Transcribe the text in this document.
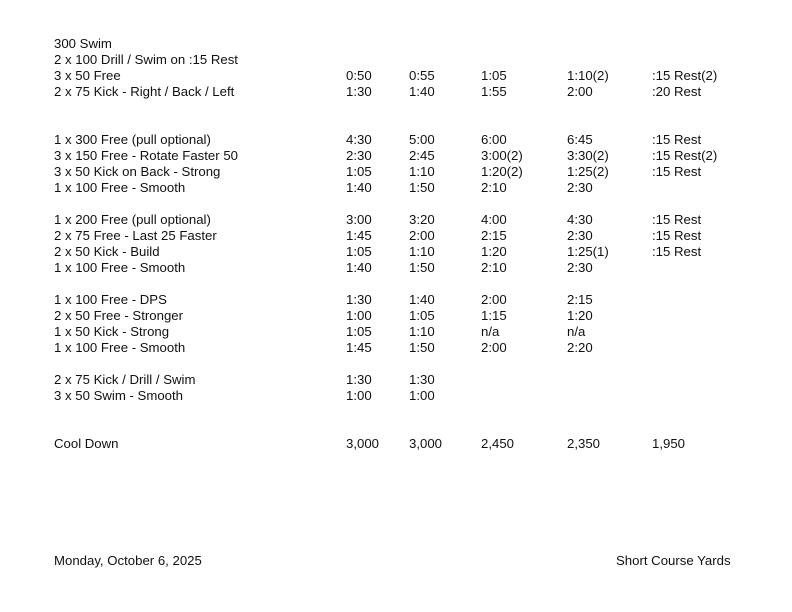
300 Swim
2 x 100 Drill / Swim on :15 Rest
3 x 50 Free	0:50	0:55	1:05	1:10(2)	:15 Rest(2)
2 x 75 Kick - Right / Back / Left	1:30	1:40	1:55	2:00	:20 Rest
1 x 300 Free (pull optional)	4:30	5:00	6:00	6:45	:15 Rest
3 x 150 Free - Rotate Faster 50	2:30	2:45	3:00(2)	3:30(2)	:15 Rest(2)
3 x 50 Kick on Back - Strong	1:05	1:10	1:20(2)	1:25(2)	:15 Rest
1 x 100 Free - Smooth	1:40	1:50	2:10	2:30
1 x 200 Free (pull optional)	3:00	3:20	4:00	4:30	:15 Rest
2 x 75 Free - Last 25 Faster	1:45	2:00	2:15	2:30	:15 Rest
2 x 50 Kick - Build	1:05	1:10	1:20	1:25(1)	:15 Rest
1 x 100 Free - Smooth	1:40	1:50	2:10	2:30
1 x 100 Free - DPS	1:30	1:40	2:00	2:15
2 x 50 Free - Stronger	1:00	1:05	1:15	1:20
1 x 50 Kick - Strong	1:05	1:10	n/a	n/a
1 x 100 Free - Smooth	1:45	1:50	2:00	2:20
2 x 75 Kick / Drill / Swim	1:30	1:30
3 x 50 Swim - Smooth	1:00	1:00
Cool Down	3,000 3,000	2,450	2,350	1,950
Monday, October 6, 2025	Short Course Yards
